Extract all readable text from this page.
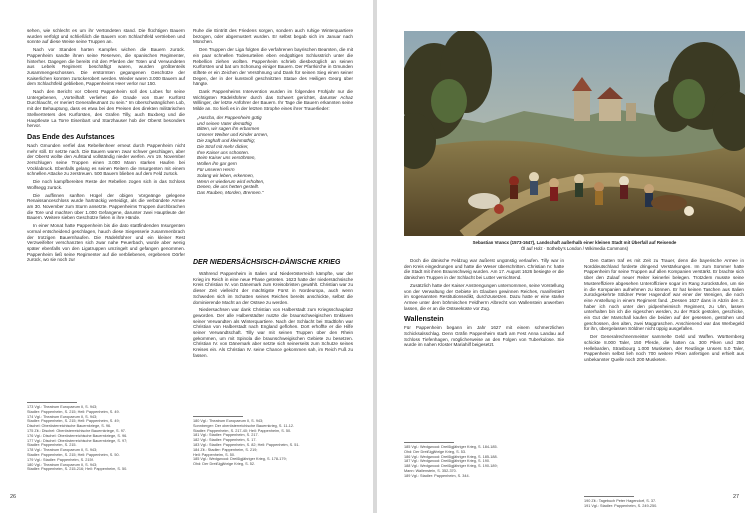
sehen, wie schlecht es um ihr Vertündeten stand. Die flüchtigen Bauern wurden verfolgt und schließlich die Bauern vom Schlachtfeld vertrieben und sonnte auf diese Weise seine Truppen an.

Nach vor Standen harten Kampfes wichen die Bauern zurück. Pappenheim sandte ihnen seine Reserven, die spanischen Regimenter, hinterher. Dagegen die bereits mit den Pferden der Toten und Verwundeten aus Lebels Regiment beschäftigt waren, wurden größtenteils zusammengeschossen. Die erstürmten gegangenen Geschütze der Kaiserlichen konnten zurückerobert werden. Wieder waren 3.000 Bauern auf dem Schlachtfeld geblieben, Pappenheims Heer verlor nur 150.

Nach den Bericht vor Oberst Pappenheim soll des Lobes für seine Untergebenen, „Vorteilhaft verliehet die Gnade von Euer Kurfürst Durchlaucht, er meriert Generalleutnant zu sein." Im überschwänglichen Lob, mit der Behauptung, dass es etwa bei den Preisen des direkten militärischen Stellvertreters des Kurfürsten, des Grafen Tilly, auch Buxberg und die Hauptleute La Torre Eisenbart und Starzhauser hob der Oberst besonders hervor.

Das Ende des Aufstances

Nach Gmunden verfiel das Rebellenheer erneut durch Pappenheim nicht mehr still. Er setzte nach. Die Bauern waren zwar schwer geschlagen, aber der Oberst wollte den Aufstand vollständig nieder werfen. Am 19. November zerschlugen seine Truppen einen 3.000 Mann starken Haufen bei Vöcklabruck. Ebenfalls gelang es seinen Reitern die Insurgenten mit einem schnellen Attacke zu zerstreuen. 500 Bauern blieben auf dem Feld zurück.

Die noch kampfbereiten Reste der Rebellen zogen sich in das Schloss Wolfsegg zurück.

Die auffinnen sanften Hügel der obigen Vorgeänge gelegene Renaissanceschloss wurde hartnäckig verteidigt, als die verbündete Armee am 30. November zum Sturm ansetzte. Pappenheims Truppen durchbrachen die Tore und machten über 1.000 Gefangene, darunter zwei Hauptleute der Bauern. Weitere sieben Geschütze fielen in ihre Hände.

In einer Monat hatte Pappenheim bis die dato stattfindenden Insurgenten vormal entscheidend geschlagen, hauch diese Siegesserie zusammenbrach der trotzigen Bauernhaufen. Die Rädelsführer und ein kleiner Rest Verzweifelter verschanzten sich zwar nahe Peuerbach, wurde aber wenig später ebenfalls von den Ligatruppen umzingelt und gefangen genommen. Pappenheim ließ seine Regimenter auf die verbliebenen, ergebenen Dörfer zurück, wo sie noch zur

Ruhe die Eintritt des Friedens sorgen, sondern auch ruhige Winterquartiere bezogen, oder abgemustert wurden. Er selbst begab sich im Januar nach München.

Den Truppen der Liga folgten die verfahrenen bayrischen Beamten, die mit ein paar schnellen Todesurteilen eben endgültigen Schlusstrich unter die Rebellion ziehen wollten. Pappenheim schrieb diesbezüglich an seinen Kurfürsten und bat um Schonung einiger Bauern. Der Pfarrkirche in Gmunden stiftete er ein Zeichen der Versöhnung und Dank für seinen Sieg einen seiner Degen, der in der kunstvoll geschnitzten Statue des Heiligen Georg über hängte.

Dank Pappenheims Intervention wurden im folgenden Frühjahr nur die Wichtigsten Rädelsführer durch das Schwert gerichtet, darunter Achaz Willinger, der letzte Anführer der Bauern. Ihr Tage die Bauern erkannten seine Milde an. So hieß es in der letzten Strophe eines ihrer Trauerlieder:

„Hascha, der Pappenheim gütig
und seinen Vater demüthig
Bitten, wir sagen ihn erbarmen
Unserer Weiber und Kinder armen,
Die zaghaft und kleinmüthig;
Die Straf mit mehr dicker,
Ihre Kaiser uns schonten.
Beim Kaiser uns versöhnten,
Wollen ihn gar gern
Für unseren Herrn
Solang wir leben, erkennen,
Wenn er wiederum wird erholten,
Denen, die uns hetten gestellt.
Das Rauben, Morden, Brennen."
DER NIEDERSÄCHSISCH-DÄNISCHE KRIEG

Während Pappenheim in Italien und Niederösterreich kämpfte, war der Krieg im Reich in eine neue Phase getreten. 1623 hatte der niedersächsische Kreis Christian IV. von Dänemark zum Kreisobristen gewählt. Christian war zu dieser Zeit vielleicht der mächtigste Fürst in Nordeuropa, auch wenn Schweden sich im Schatten seines Reiches bereits anschickte, selbst die dominierende Macht an der Ostsee zu werden.

Niedersachsen war dank Christian von Halberstadt zum Kriegsschauplatz geworden. Der alle Halberstädter nutzte die braunschweigischen Enklaven seiner Verwandten als Winterquartiere. Nach der Schlacht bei Stadtlohn war Christian von Halberstadt nach England geflohen. Dort erhoffte er die Hilfe seiner Verwandtschaft. Tilly war mit seinen Truppen über den Rhein gekommen, um mit Spinola die braunschweigischen Gebiete zu besetzen. Christian IV. von Dänemark aber setzte sich seinerseits zum Schutze seines Kreises ein. Als Christian IV. seine Chance gekommen sah, im Reich Fuß zu fassen.

173 Vgl.: Theatrum Europaeum II, S. 943;
Stadler: Pappenheim, S. 215; Heil: Pappenheim, S. 49.
174 Vgl.: Theatrum Europaeum II, S. 943;
Stadler: Pappenheim, S. 215; Heil: Pappenheim, S. 49;
Dischel: Oberösterreichische Bauernkriege, S. 96.
175 Zit.: Dischel: Oberösterreichische Bauernkriege, S. 97.
176 Vgl.: Dischel: Oberösterreichische Bauernkriege, S. 96.
177 Vgl.: Dischel: Oberösterreichische Bauernkriege, S. 97;
Stadler: Pappenheim, S. 215.
178 Vgl.: Theatrum Europaeum II, S. 943;
Stadler: Pappenheim, S. 215; Heil: Pappenheim, S. 50.
179 Vgl.: Stadler: Pappenheim, S. 215f.
180 Vgl.: Theatrum Europaeum II, S. 943;
Stadler: Pappenheim, S. 215-216; Heil: Pappenheim, S. 50.
180 Vgl.: Theatrum Europaeum II, S. 943;
Sonnberger: Der oberösterreichische Bauernkrieg, S. 11-12.
Stadler: Pappenheim, S. 217-40; Heil: Pappenheim, S. 50.
181 Vgl.: Stadler: Pappenheim, S. 217.
182 Vgl.: Stadler: Pappenheim, S. 17.
183 Vgl.: Stadler: Pappenheim, S. 82; Heil: Pappenheim, S. 51.
184 Zit.: Stadler: Pappenheim, S. 219;
Heil: Pappenheim, S. 50.
185 Vgl.: Wedgwood: Dreißigjähriger Krieg, S. 178-179;
Ohd: Der Dreißigjährige Krieg, S. 52.
26
Sebastian Vrancx (1573-1647), Landschaft außerhalb einer kleinen Stadt mit Überfall auf Reisende
Öl auf Holz · Sotheby's London / Wikimedia Commons)

Doch die dänische Feldzug war äußerst ungünstig verlaufen. Tilly war in den Kreis eingedrungen und hatte die Weser überschritten. Christian IV. hatte die Stadt mit ihren Braunschweig wurden. Am 17. August 1626 besiegte er die dänischen Truppen in der Schlacht bei Lutter vernichtend.

Zusätzlich hatte der Kaiser Anstrengungen unternommen, seine Vorstellung von der Verwaltung der Gebiete im Glauben gewinnen Reiches, manifestiert im sogenannten Restitutionsedikt, durchzusetzen. Dazu hatte er eine starke Armee unter dem böhmischen Feldherrn Albrecht von Wallenstein anwerben lassen, die er an die Ostseeküste vor Zug.

Wallenstein

Für Pappenheim begann im Jahr 1627 mit einem schmerzlichen Schicksalsschlag. Denn Gräfin Pappenheim starb am Fest Anna Landau auf Schloss Tiefenhagen, möglicherweise an den Folgen von Tuberkulose. Sie wurde im nahen Kloster Mariahilf beigesetzt.

Den Gatten traf es mit Zeit zu Trauer, denn die bayerische Armee in Norddeutschland forderte dringend Verstärkungen. Im zum Sommer hatte Pappenheim für seine Truppen auf allen Kompanien verstärkt. Er brachte sich über den Zulauf neuer Reiter keinerlei belegen. Trotzdem musste seine Mustereffiziere abgesehen Unteroffiziere sogar im Rang zurückstufen, um sie in die Kompanien aufnehmen zu können. Er hat keinen Taschen aus Italien zurückgekehrte Söldner Peter Hagendorf war einer der Wenigen, die noch eine Anstellung in einem Regiment fand. „Dessen 1627 dans in Abzin den 3. haber ich noch unter den pidpenheimisch Regiment, zu Ulm, lassen unterhalten bin ich die nigeschen werden, zu der Rück gestolen, geschicke, ein Gut der Marschall kaufen die beiden auf der gesessen, gestohen und geschossen, den alten, zwei Maggraschen. Anschienend war das Werbegeld für ihn, übergelassen Söldner nicht üppig ausgefallen.

Der Generalrechnenmeister sammelte Geld und Waffen. Württemberg schickte 8.000 Taler, 150 Pferde, die hatten ca. 300 Piken und 250 Hellebarden, Strasbourg 1.000 Musketen, der Reutlinge Unsers 5.0 Taler, Pappenheim selbst lieh noch 700 weitere Piken anfertigen und erhielt aus unbekannter Quelle noch 200 Musketen.

185 Vgl.: Wedgwood: Dreißigjähriger Krieg, S. 184-185.
Ohd: Der Dreißigjährige Krieg, S. 53.
186 Vgl.: Wedgwood: Dreißigjähriger Krieg, S. 185-188.
187 Vgl.: Wedgwood: Dreißigjähriger Krieg, S. 190.
188 Vgl.: Wedgwood: Dreißigjähriger Krieg, S. 190-189;
Mann: Wallenstein, S. 352-370.
189 Vgl.: Stadler: Pappenheim, S. 344.
190 Zit.: Tagebuch Peter Hagendorf, S. 37.
191 Vgl.: Stadler: Pappenheim, S. 249-250.
27
